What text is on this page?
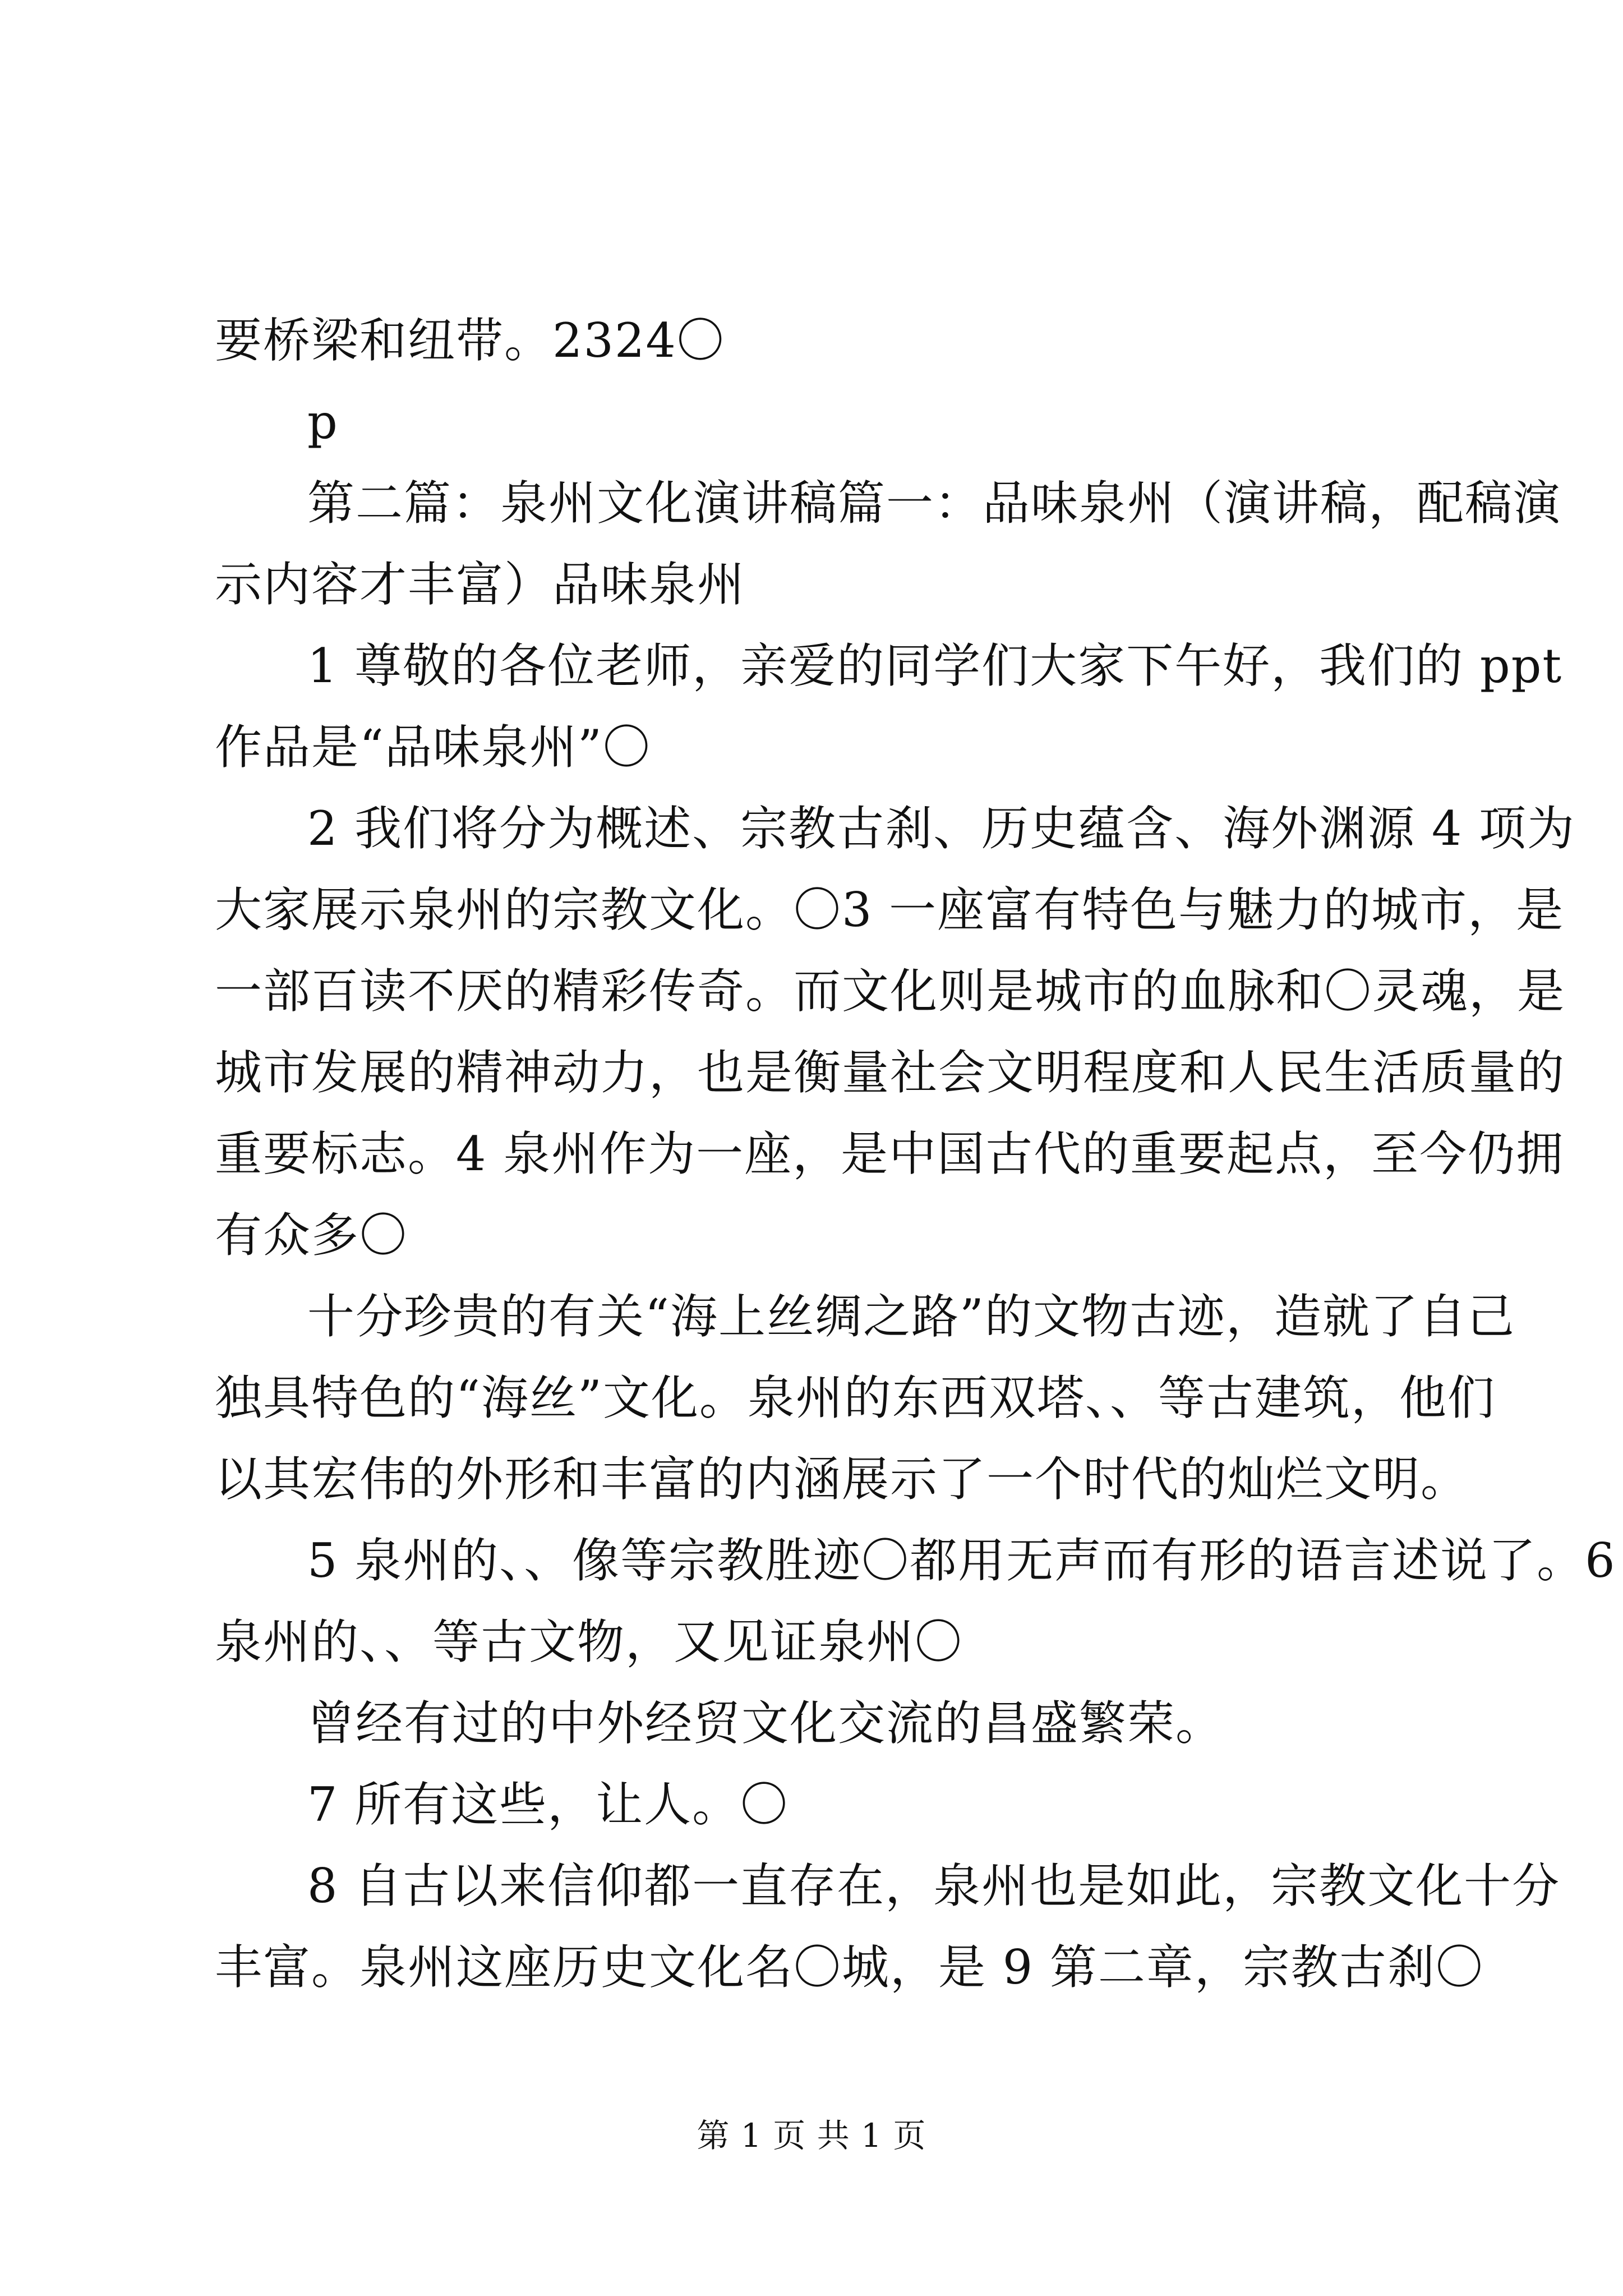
要桥梁和纽带。2324〇
p
第二篇：泉州文化演讲稿篇一：品味泉州（演讲稿，配稿演
示内容才丰富）品味泉州
1 尊敬的各位老师，亲爱的同学们大家下午好，我们的 ppt
作品是“品味泉州”〇
2 我们将分为概述、宗教古刹、历史蕴含、海外渊源 4 项为
大家展示泉州的宗教文化。〇3 一座富有特色与魅力的城市，是
一部百读不厌的精彩传奇。而文化则是城市的血脉和〇灵魂，是
城市发展的精神动力，也是衡量社会文明程度和人民生活质量的
重要标志。4 泉州作为一座，是中国古代的重要起点，至今仍拥
有众多〇
十分珍贵的有关“海上丝绸之路”的文物古迹，造就了自己
独具特色的“海丝”文化。泉州的东西双塔、、等古建筑，他们
以其宏伟的外形和丰富的内涵展示了一个时代的灿烂文明。
5 泉州的、、像等宗教胜迹〇都用无声而有形的语言述说了。6
泉州的、、等古文物，又见证泉州〇
曾经有过的中外经贸文化交流的昌盛繁荣。
7 所有这些，让人。〇
8 自古以来信仰都一直存在，泉州也是如此，宗教文化十分
丰富。泉州这座历史文化名〇城，是 9 第二章，宗教古刹〇
第 1 页 共 1 页
